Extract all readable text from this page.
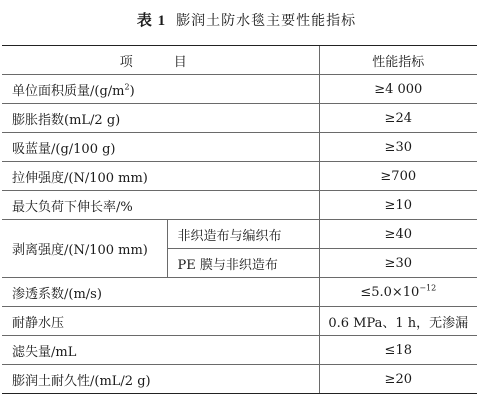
表 1 膨润土防水毯主要性能指标
项　目		性能指标
单位面积质量$/(g/m^2)$		≥4 000
膨胀指数(mL/2 g)		≥24
吸蓝量/(g/100 g)		≥30
拉伸强度/(N/100 mm)		≥700
最大负荷下伸长率/%		≥10
剥离强度/(N/100 mm)	非织造布与编织布	≥40
	PE 膜与非织造布	≥30
渗透系数/(m/s)		$\le 5.0\times 10^{-12}$
耐静水压		0.6 MPa、1 h，无渗漏
滤失量/mL		≤18
膨润土耐久性/(mL/2 g)		≥20
